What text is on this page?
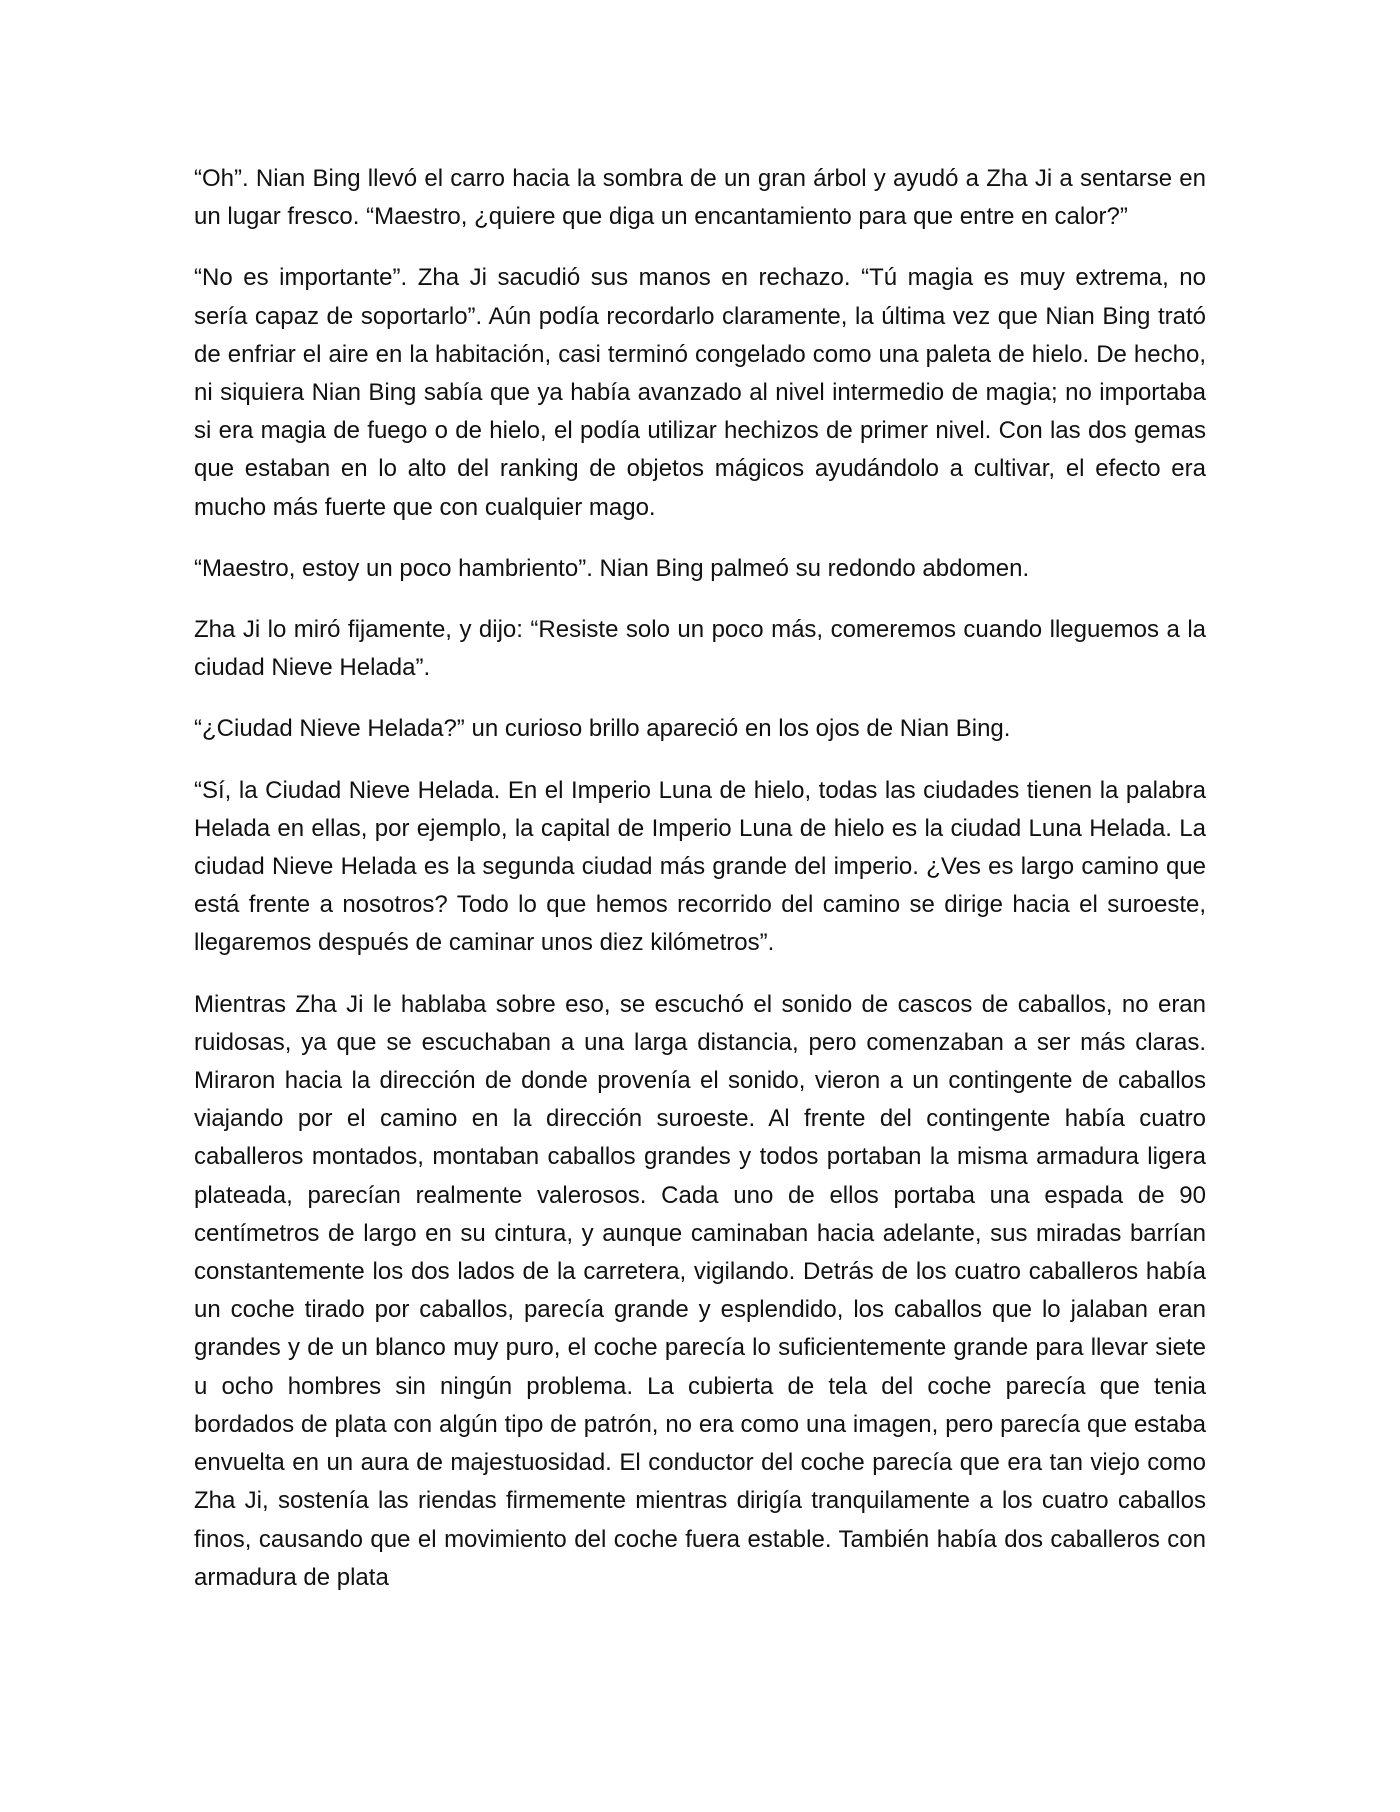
“Oh”. Nian Bing llevó el carro hacia la sombra de un gran árbol y ayudó a Zha Ji a sentarse en un lugar fresco. “Maestro, ¿quiere que diga un encantamiento para que entre en calor?”

“No es importante”. Zha Ji sacudió sus manos en rechazo. “Tú magia es muy extrema, no sería capaz de soportarlo”. Aún podía recordarlo claramente, la última vez que Nian Bing trató de enfriar el aire en la habitación, casi terminó congelado como una paleta de hielo. De hecho, ni siquiera Nian Bing sabía que ya había avanzado al nivel intermedio de magia; no importaba si era magia de fuego o de hielo, el podía utilizar hechizos de primer nivel. Con las dos gemas que estaban en lo alto del ranking de objetos mágicos ayudándolo a cultivar, el efecto era mucho más fuerte que con cualquier mago.

“Maestro, estoy un poco hambriento”. Nian Bing palmeó su redondo abdomen.

Zha Ji lo miró fijamente, y dijo: “Resiste solo un poco más, comeremos cuando lleguemos a la ciudad Nieve Helada”.

“¿Ciudad Nieve Helada?” un curioso brillo apareció en los ojos de Nian Bing.

“Sí, la Ciudad Nieve Helada. En el Imperio Luna de hielo, todas las ciudades tienen la palabra Helada en ellas, por ejemplo, la capital de Imperio Luna de hielo es la ciudad Luna Helada. La ciudad Nieve Helada es la segunda ciudad más grande del imperio. ¿Ves es largo camino que está frente a nosotros? Todo lo que hemos recorrido del camino se dirige hacia el suroeste, llegaremos después de caminar unos diez kilómetros”.

Mientras Zha Ji le hablaba sobre eso, se escuchó el sonido de cascos de caballos, no eran ruidosas, ya que se escuchaban a una larga distancia, pero comenzaban a ser más claras. Miraron hacia la dirección de donde provenía el sonido, vieron a un contingente de caballos viajando por el camino en la dirección suroeste. Al frente del contingente había cuatro caballeros montados, montaban caballos grandes y todos portaban la misma armadura ligera plateada, parecían realmente valerosos. Cada uno de ellos portaba una espada de 90 centímetros de largo en su cintura, y aunque caminaban hacia adelante, sus miradas barrían constantemente los dos lados de la carretera, vigilando. Detrás de los cuatro caballeros había un coche tirado por caballos, parecía grande y esplendido, los caballos que lo jalaban eran grandes y de un blanco muy puro, el coche parecía lo suficientemente grande para llevar siete u ocho hombres sin ningún problema. La cubierta de tela del coche parecía que tenia bordados de plata con algún tipo de patrón, no era como una imagen, pero parecía que estaba envuelta en un aura de majestuosidad. El conductor del coche parecía que era tan viejo como Zha Ji, sostenía las riendas firmemente mientras dirigía tranquilamente a los cuatro caballos finos, causando que el movimiento del coche fuera estable. También había dos caballeros con armadura de plata
